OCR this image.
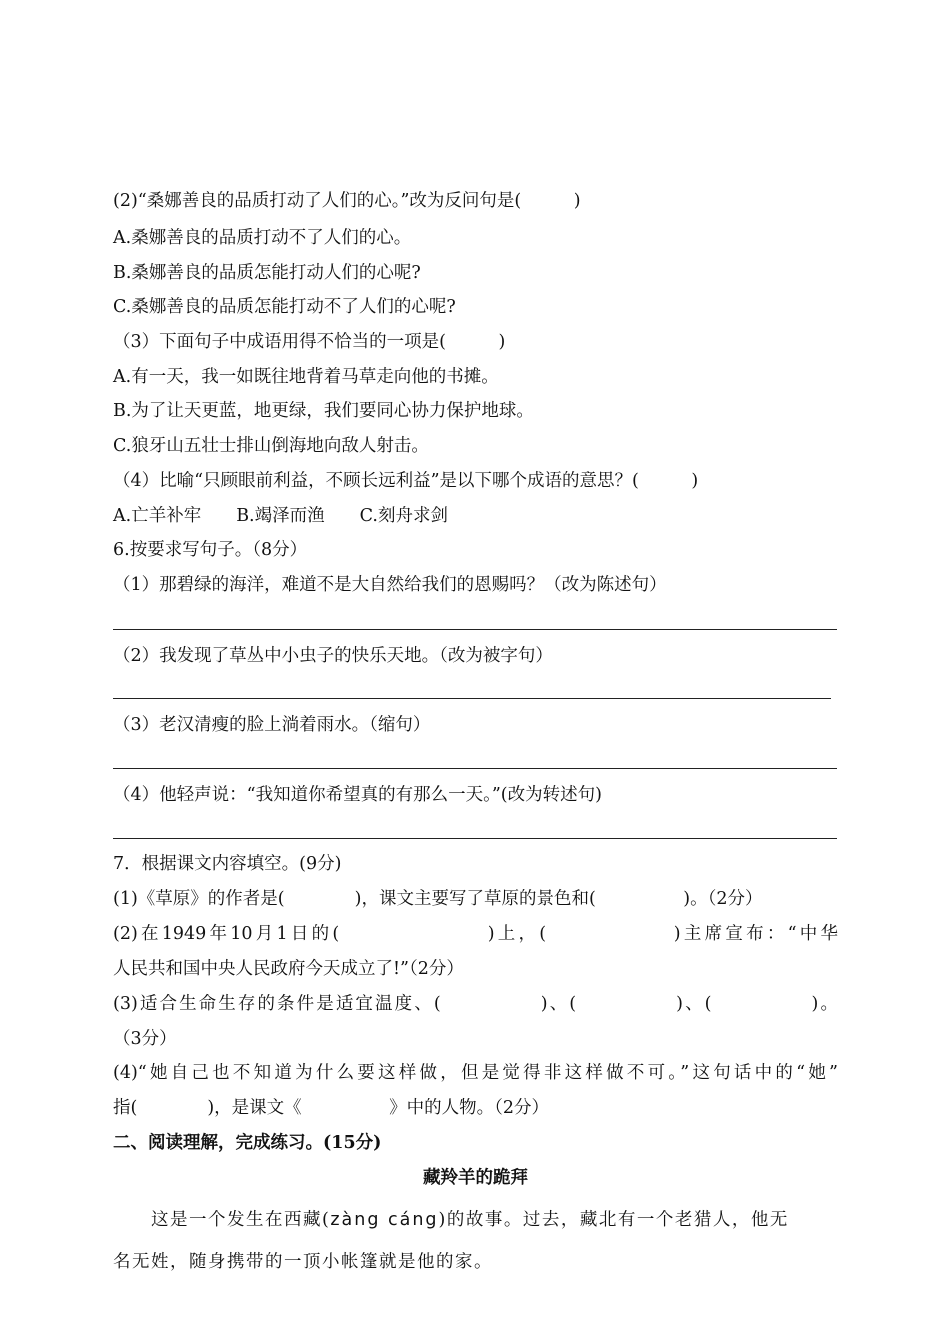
(2)“桑娜善良的品质打动了人们的心。”改为反问句是(　　　)
A.桑娜善良的品质打动不了人们的心。
B.桑娜善良的品质怎能打动人们的心呢?
C.桑娜善良的品质怎能打动不了人们的心呢?
（3）下面句子中成语用得不恰当的一项是(　　　)
A.有一天，我一如既往地背着马草走向他的书摊。
B.为了让天更蓝，地更绿，我们要同心协力保护地球。
C.狼牙山五壮士排山倒海地向敌人射击。
（4）比喻“只顾眼前利益，不顾长远利益”是以下哪个成语的意思？(　　　)
A.亡羊补牢　　B.竭泽而渔　　C.刻舟求剑
6.按要求写句子。（8分）
（1）那碧绿的海洋，难道不是大自然给我们的恩赐吗？（改为陈述句）
（2）我发现了草丛中小虫子的快乐天地。（改为被字句）
（3）老汉清瘦的脸上淌着雨水。（缩句）
（4）他轻声说：“我知道你希望真的有那么一天。”(改为转述句)
7．根据课文内容填空。(9分)
(1)《草原》的作者是(　　　　)，课文主要写了草原的景色和(　　　　　)。（2分）
(2)在1949年10月1日的(　　　　　　　)上，(　　　　　　)主席宣布：“中华
人民共和国中央人民政府今天成立了!”（2分）
(3)适合生命生存的条件是适宜温度、(　　　　　)、(　　　　　)、(　　　　　)。
（3分）
(4)“她自己也不知道为什么要这样做，但是觉得非这样做不可。”这句话中的“她”
指(　　　　)，是课文《　　　　　》中的人物。（2分）
二、阅读理解，完成练习。(15分)
藏羚羊的跪拜
　　这是一个发生在西藏(zàng cáng)的故事。过去，藏北有一个老猎人，他无
名无姓，随身携带的一顶小帐篷就是他的家。
